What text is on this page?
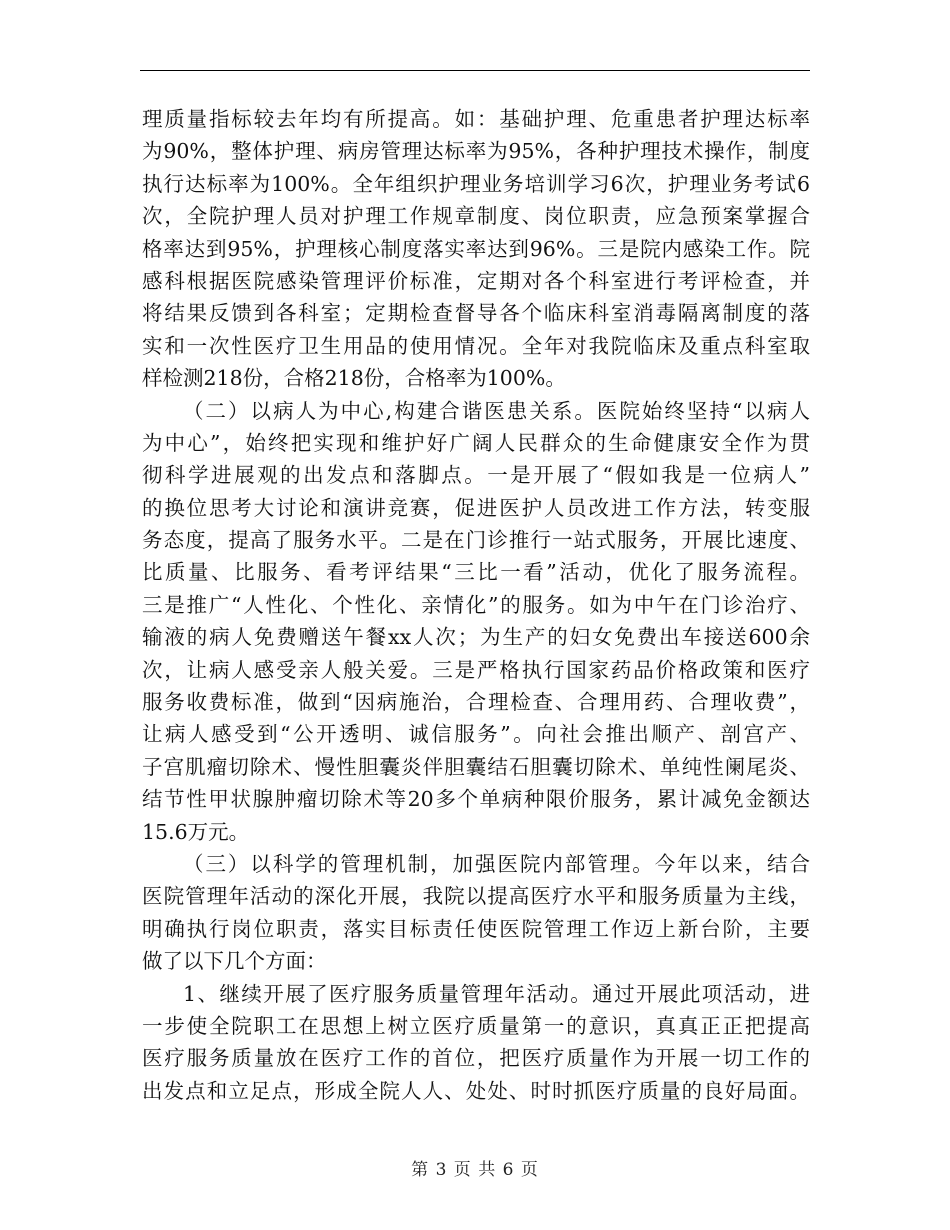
理质量指标较去年均有所提高。如：基础护理、危重患者护理达标率
为90%，整体护理、病房管理达标率为95%，各种护理技术操作，制度
执行达标率为100%。全年组织护理业务培训学习6次，护理业务考试6
次，全院护理人员对护理工作规章制度、岗位职责，应急预案掌握合
格率达到95%，护理核心制度落实率达到96%。三是院内感染工作。院
感科根据医院感染管理评价标准，定期对各个科室进行考评检查，并
将结果反馈到各科室；定期检查督导各个临床科室消毒隔离制度的落
实和一次性医疗卫生用品的使用情况。全年对我院临床及重点科室取
样检测218份，合格218份，合格率为100%。
（二）以病人为中心,构建合谐医患关系。医院始终坚持“以病人
为中心”，始终把实现和维护好广阔人民群众的生命健康安全作为贯
彻科学进展观的出发点和落脚点。一是开展了“假如我是一位病人”
的换位思考大讨论和演讲竞赛，促进医护人员改进工作方法，转变服
务态度，提高了服务水平。二是在门诊推行一站式服务，开展比速度、
比质量、比服务、看考评结果“三比一看”活动，优化了服务流程。
三是推广“人性化、个性化、亲情化”的服务。如为中午在门诊治疗、
输液的病人免费赠送午餐xx人次；为生产的妇女免费出车接送600余
次，让病人感受亲人般关爱。三是严格执行国家药品价格政策和医疗
服务收费标准，做到“因病施治，合理检查、合理用药、合理收费”，
让病人感受到“公开透明、诚信服务”。向社会推出顺产、剖宫产、
子宫肌瘤切除术、慢性胆囊炎伴胆囊结石胆囊切除术、单纯性阑尾炎、
结节性甲状腺肿瘤切除术等20多个单病种限价服务，累计减免金额达
15.6万元。
（三）以科学的管理机制，加强医院内部管理。今年以来，结合
医院管理年活动的深化开展，我院以提高医疗水平和服务质量为主线，
明确执行岗位职责，落实目标责任使医院管理工作迈上新台阶，主要
做了以下几个方面：
1、继续开展了医疗服务质量管理年活动。通过开展此项活动，进
一步使全院职工在思想上树立医疗质量第一的意识，真真正正把提高
医疗服务质量放在医疗工作的首位，把医疗质量作为开展一切工作的
出发点和立足点，形成全院人人、处处、时时抓医疗质量的良好局面。
第 3 页 共 6 页
